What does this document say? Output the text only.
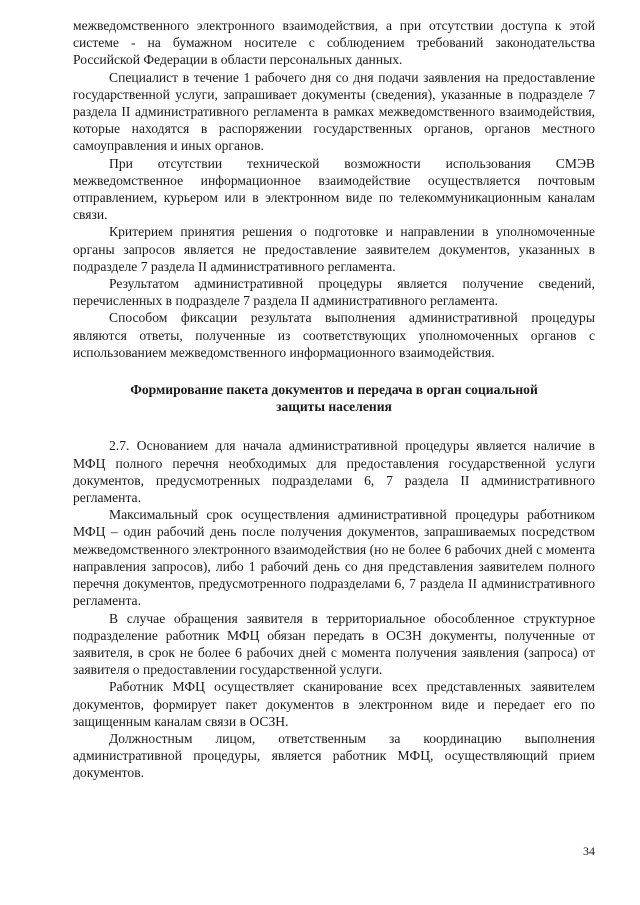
межведомственного электронного взаимодействия, а при отсутствии доступа к этой системе - на бумажном носителе с соблюдением требований законодательства Российской Федерации в области персональных данных.

Специалист в течение 1 рабочего дня со дня подачи заявления на предоставление государственной услуги, запрашивает документы (сведения), указанные в подразделе 7 раздела II административного регламента в рамках межведомственного взаимодействия, которые находятся в распоряжении государственных органов, органов местного самоуправления и иных органов.

При отсутствии технической возможности использования СМЭВ межведомственное информационное взаимодействие осуществляется почтовым отправлением, курьером или в электронном виде по телекоммуникационным каналам связи.

Критерием принятия решения о подготовке и направлении в уполномоченные органы запросов является не предоставление заявителем документов, указанных в подразделе 7 раздела II административного регламента.

Результатом административной процедуры является получение сведений, перечисленных в подразделе 7 раздела II административного регламента.

Способом фиксации результата выполнения административной процедуры являются ответы, полученные из соответствующих уполномоченных органов с использованием межведомственного информационного взаимодействия.

Формирование пакета документов и передача в орган социальной защиты населения

2.7. Основанием для начала административной процедуры является наличие в МФЦ полного перечня необходимых для предоставления государственной услуги документов, предусмотренных подразделами 6, 7 раздела II административного регламента.

Максимальный срок осуществления административной процедуры работником МФЦ – один рабочий день после получения документов, запрашиваемых посредством межведомственного электронного взаимодействия (но не более 6 рабочих дней с момента направления запросов), либо 1 рабочий день со дня представления заявителем полного перечня документов, предусмотренного подразделами 6, 7 раздела II административного регламента.

В случае обращения заявителя в территориальное обособленное структурное подразделение работник МФЦ обязан передать в ОСЗН документы, полученные от заявителя, в срок не более 6 рабочих дней с момента получения заявления (запроса) от заявителя о предоставлении государственной услуги.

Работник МФЦ осуществляет сканирование всех представленных заявителем документов, формирует пакет документов в электронном виде и передает его по защищенным каналам связи в ОСЗН.

Должностным лицом, ответственным за координацию выполнения административной процедуры, является работник МФЦ, осуществляющий прием документов.

34
